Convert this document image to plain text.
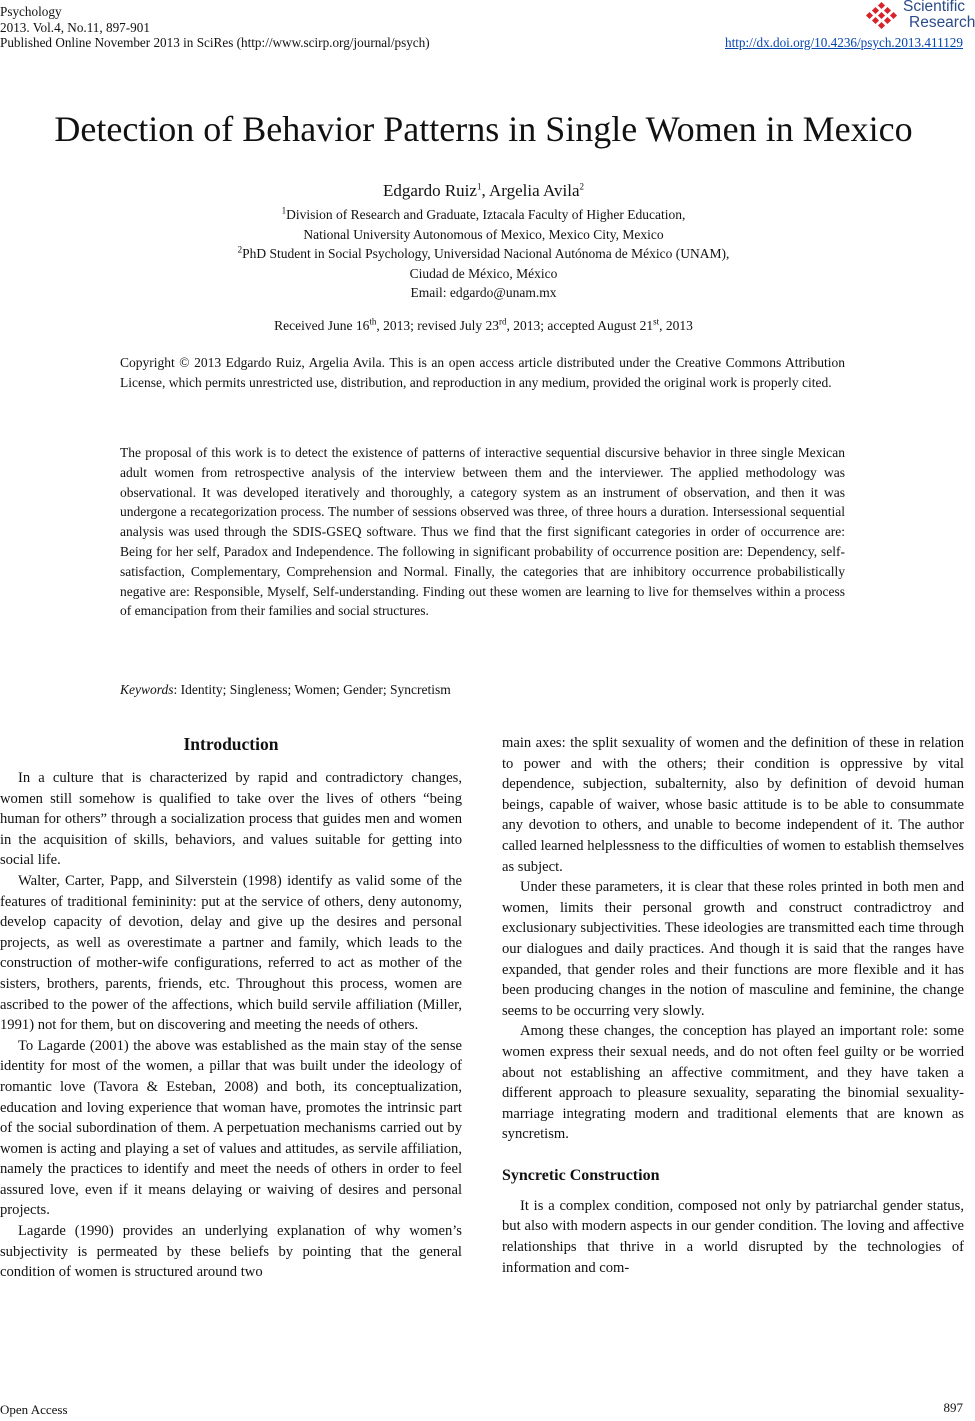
Psychology
2013. Vol.4, No.11, 897-901
Published Online November 2013 in SciRes (http://www.scirp.org/journal/psych)	http://dx.doi.org/10.4236/psych.2013.411129
Scientific
Research
Detection of Behavior Patterns in Single Women in Mexico
Edgardo Ruiz$^1$, Argelia Avila$^2$
$^1$Division of Research and Graduate, Iztacala Faculty of Higher Education,
National University Autonomous of Mexico, Mexico City, Mexico
$^2$PhD Student in Social Psychology, Universidad Nacional Autónoma de México (UNAM),
Ciudad de México, México
Email: edgardo@unam.mx
Received June 16th, 2013; revised July 23rd, 2013; accepted August 21st, 2013
Copyright © 2013 Edgardo Ruiz, Argelia Avila. This is an open access article distributed under the Creative Commons Attribution License, which permits unrestricted use, distribution, and reproduction in any medium, provided the original work is properly cited.
The proposal of this work is to detect the existence of patterns of interactive sequential discursive behavior in three single Mexican adult women from retrospective analysis of the interview between them and the interviewer. The applied methodology was observational. It was developed iteratively and thoroughly, a category system as an instrument of observation, and then it was undergone a recategorization process. The number of sessions observed was three, of three hours a duration. Intersessional sequential analysis was used through the SDIS-GSEQ software. Thus we find that the first significant categories in order of occurrence are: Being for her self, Paradox and Independence. The following in significant probability of occurrence position are: Dependency, self-satisfaction, Complementary, Comprehension and Normal. Finally, the categories that are inhibitory occurrence probabilistically negative are: Responsible, Myself, Self-understanding. Finding out these women are learning to live for themselves within a process of emancipation from their families and social structures.
Keywords: Identity; Singleness; Women; Gender; Syncretism
Introduction

In a culture that is characterized by rapid and contradictory changes, women still somehow is qualified to take over the lives of others “being human for others” through a socialization process that guides men and women in the acquisition of skills, behaviors, and values suitable for getting into social life.

Walter, Carter, Papp, and Silverstein (1998) identify as valid some of the features of traditional femininity: put at the service of others, deny autonomy, develop capacity of devotion, delay and give up the desires and personal projects, as well as overestimate a partner and family, which leads to the construction of mother-wife configurations, referred to act as mother of the sisters, brothers, parents, friends, etc. Throughout this process, women are ascribed to the power of the affections, which build servile affiliation (Miller, 1991) not for them, but on discovering and meeting the needs of others.

To Lagarde (2001) the above was established as the main stay of the sense identity for most of the women, a pillar that was built under the ideology of romantic love (Tavora & Esteban, 2008) and both, its conceptualization, education and loving experience that woman have, promotes the intrinsic part of the social subordination of them. A perpetuation mechanisms carried out by women is acting and playing a set of values and attitudes, as servile affiliation, namely the practices to identify and meet the needs of others in order to feel assured love, even if it means delaying or waiving of desires and personal projects.

Lagarde (1990) provides an underlying explanation of why women’s subjectivity is permeated by these beliefs by pointing that the general condition of women is structured around two

main axes: the split sexuality of women and the definition of these in relation to power and with the others; their condition is oppressive by vital dependence, subjection, subalternity, also by definition of devoid human beings, capable of waiver, whose basic attitude is to be able to consummate any devotion to others, and unable to become independent of it. The author called learned helplessness to the difficulties of women to establish themselves as subject.

Under these parameters, it is clear that these roles printed in both men and women, limits their personal growth and construct contradictroy and exclusionary subjectivities. These ideologies are transmitted each time through our dialogues and daily practices. And though it is said that the ranges have expanded, that gender roles and their functions are more flexible and it has been producing changes in the notion of masculine and feminine, the change seems to be occurring very slowly.

Among these changes, the conception has played an important role: some women express their sexual needs, and do not often feel guilty or be worried about not establishing an affective commitment, and they have taken a different approach to pleasure sexuality, separating the binomial sexuality-marriage integrating modern and traditional elements that are known as syncretism.

Syncretic Construction

It is a complex condition, composed not only by patriarchal gender status, but also with modern aspects in our gender condition. The loving and affective relationships that thrive in a world disrupted by the technologies of information and com-

Open Access	897
